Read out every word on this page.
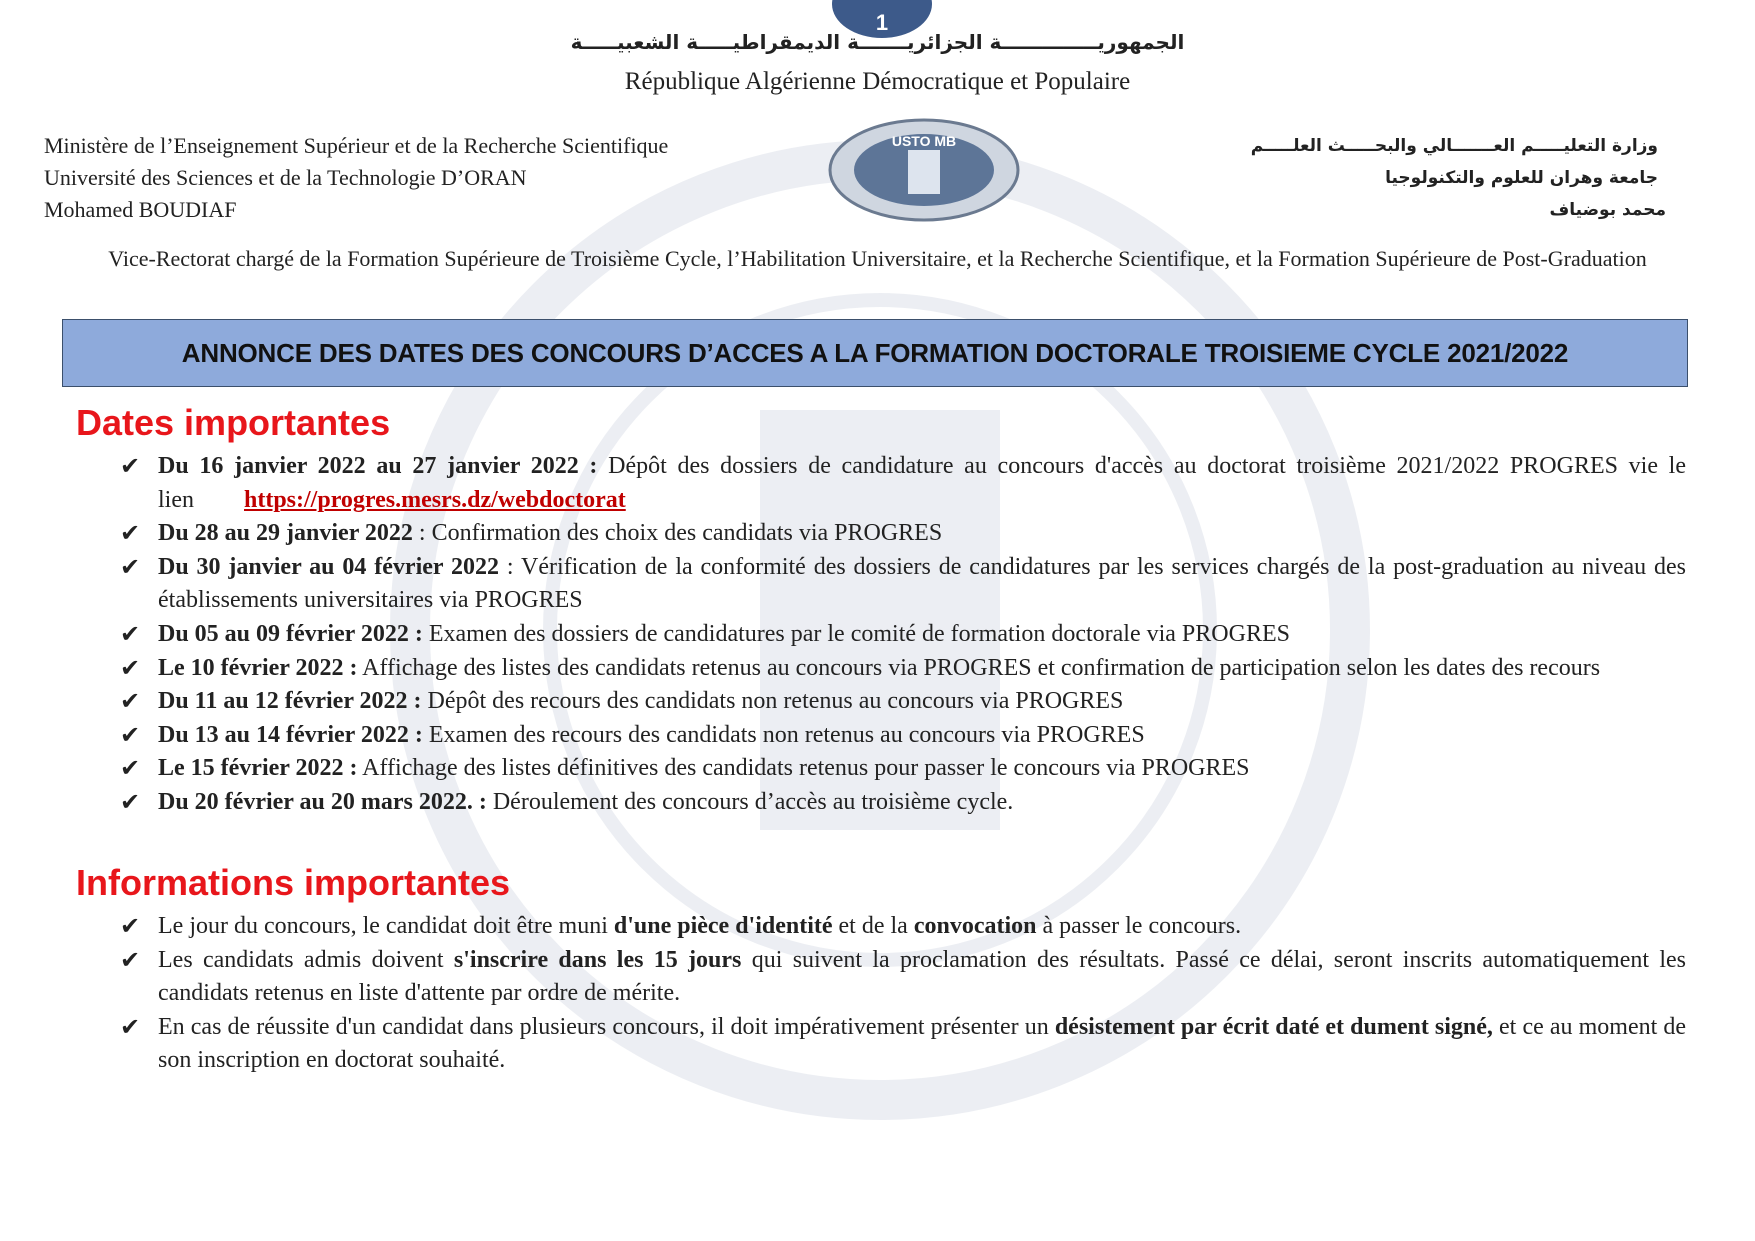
1
الجمهوريــــــــــــــة الجزائريـــــــة الديمقراطيـــــة الشعبيـــــة
République Algérienne Démocratique et Populaire
Ministère de l’Enseignement Supérieur et de la Recherche Scientifique
Université des Sciences et de la Technologie D’ORAN
Mohamed BOUDIAF
وزارة التعليـــــم العـــــــالي والبحـــــث العلـــــم
جامعة وهران للعلوم والتكنولوجيا
محمد بوضياف
USTO MB
Vice-Rectorat chargé de la Formation Supérieure de Troisième Cycle, l’Habilitation Universitaire, et la Recherche Scientifique, et la Formation Supérieure de Post-Graduation
ANNONCE DES DATES DES CONCOURS D’ACCES A LA FORMATION DOCTORALE TROISIEME CYCLE 2021/2022
Dates importantes
✔ Du 16 janvier 2022 au 27 janvier 2022 : Dépôt des dossiers de candidature au concours d'accès au doctorat troisième 2021/2022 PROGRES vie le lien https://progres.mesrs.dz/webdoctorat
✔ Du 28 au 29 janvier 2022 : Confirmation des choix des candidats via PROGRES
✔ Du 30 janvier au 04 février 2022 : Vérification de la conformité des dossiers de candidatures par les services chargés de la post-graduation au niveau des établissements universitaires via PROGRES
✔ Du 05 au 09 février 2022 : Examen des dossiers de candidatures par le comité de formation doctorale via PROGRES
✔ Le 10 février 2022 : Affichage des listes des candidats retenus au concours via PROGRES et confirmation de participation selon les dates des recours
✔ Du 11 au 12 février 2022 : Dépôt des recours des candidats non retenus au concours via PROGRES
✔ Du 13 au 14 février 2022 : Examen des recours des candidats non retenus au concours via PROGRES
✔ Le 15 février 2022 : Affichage des listes définitives des candidats retenus pour passer le concours via PROGRES
✔ Du 20 février au 20 mars 2022. : Déroulement des concours d’accès au troisième cycle.
Informations importantes
✔ Le jour du concours, le candidat doit être muni d'une pièce d'identité et de la convocation à passer le concours.
✔ Les candidats admis doivent s'inscrire dans les 15 jours qui suivent la proclamation des résultats. Passé ce délai, seront inscrits automatiquement les candidats retenus en liste d'attente par ordre de mérite.
✔ En cas de réussite d'un candidat dans plusieurs concours, il doit impérativement présenter un désistement par écrit daté et dument signé, et ce au moment de son inscription en doctorat souhaité.
